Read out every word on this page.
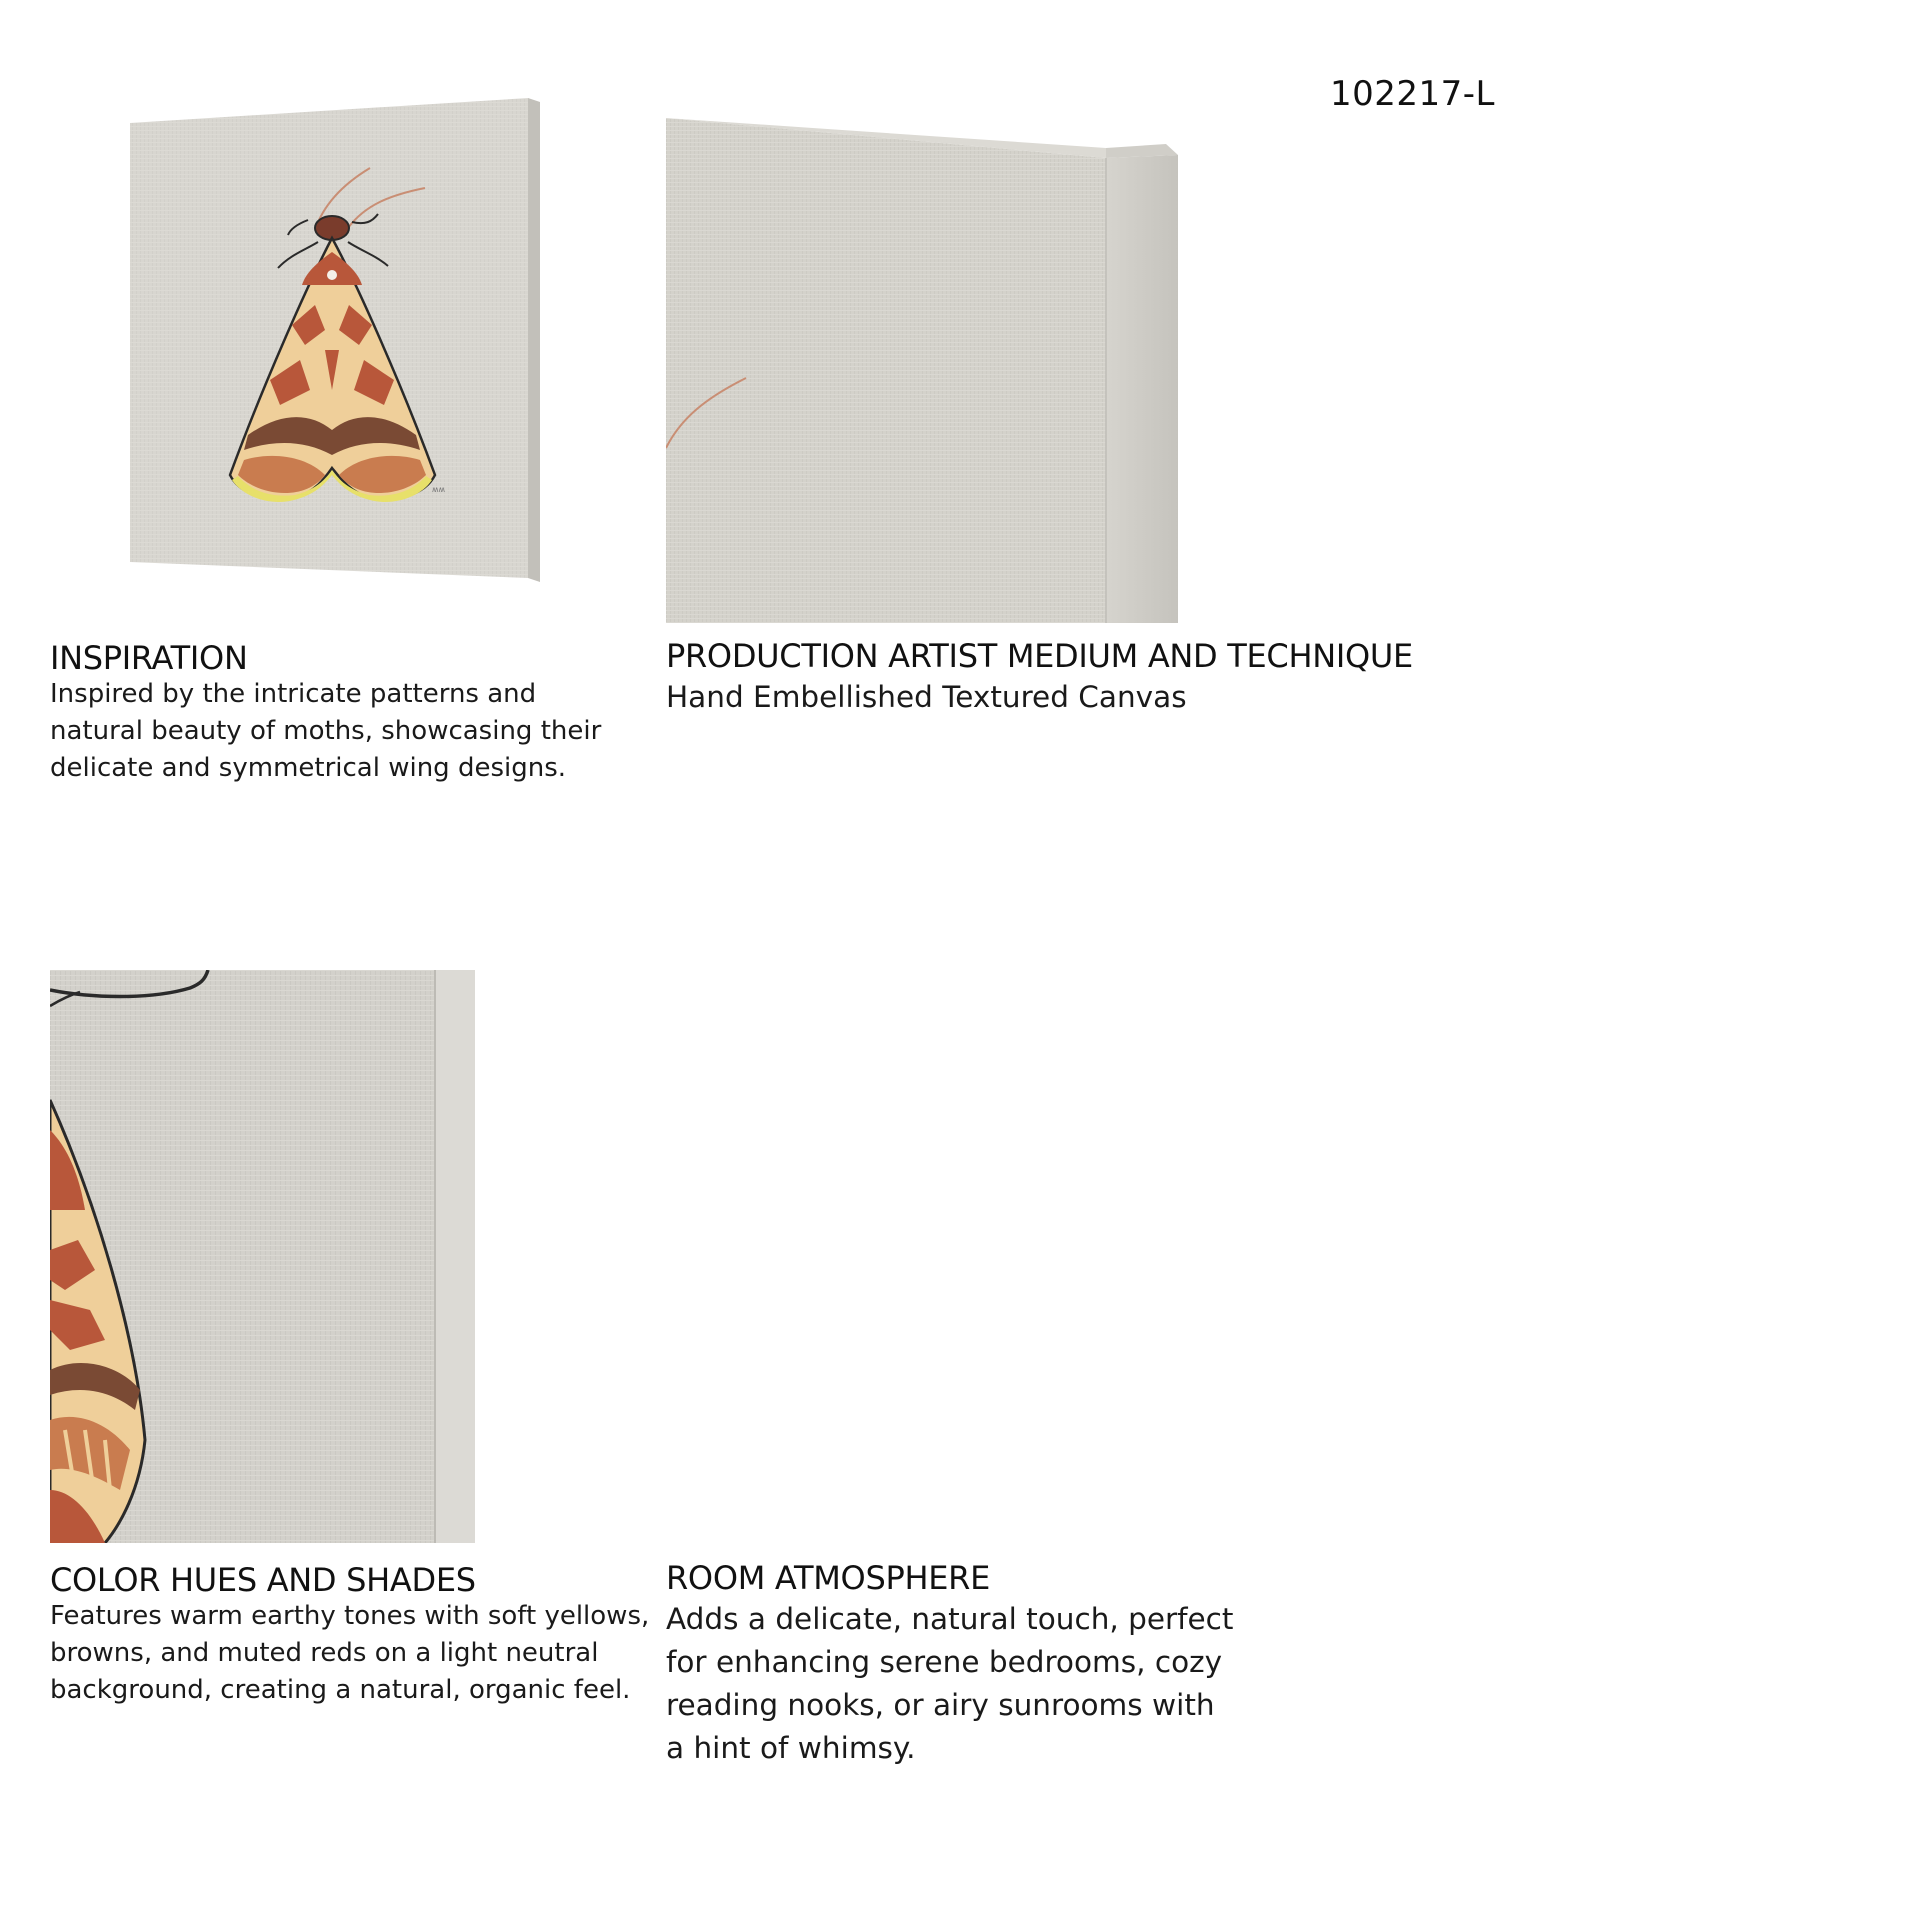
102217-L
ʍʍ
INSPIRATION
Inspired by the intricate patterns and natural beauty of moths, showcasing their delicate and symmetrical wing designs.
PRODUCTION ARTIST MEDIUM AND TECHNIQUE
Hand Embellished Textured Canvas
COLOR HUES AND SHADES
Features warm earthy tones with soft yellows, browns, and muted reds on a light neutral background, creating a natural, organic feel.
ROOM ATMOSPHERE
Adds a delicate, natural touch, perfect for enhancing serene bedrooms, cozy reading nooks, or airy sunrooms with a hint of whimsy.
